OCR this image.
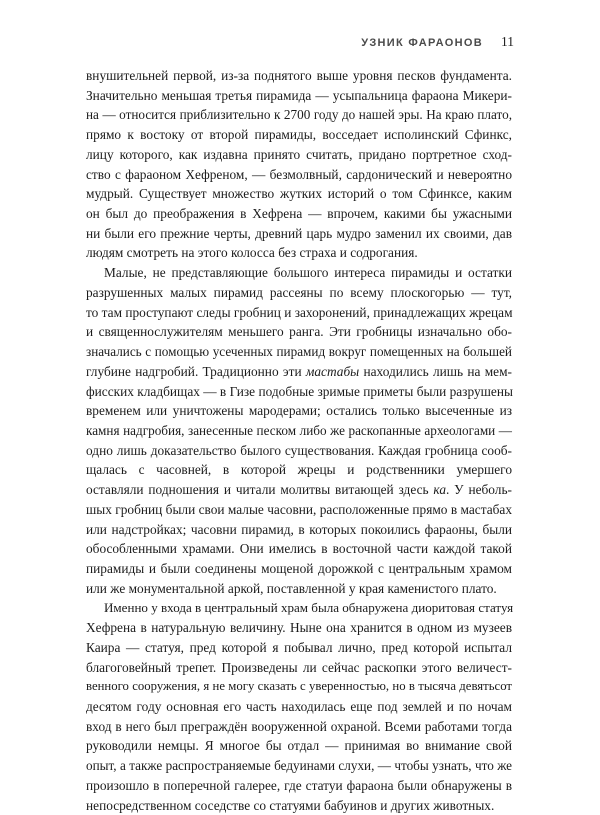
УЗНИК ФАРАОНОВ 11

внушительней первой, из-за поднятого выше уровня песков фундамента.
Значительно меньшая третья пирамида — усыпальница фараона Микери-
на — относится приблизительно к 2700 году до нашей эры. На краю плато,
прямо к востоку от второй пирамиды, восседает исполинский Сфинкс,
лицу которого, как издавна принято считать, придано портретное сход-
ство с фараоном Хефреном, — безмолвный, сардонический и невероятно
мудрый. Существует множество жутких историй о том Сфинксе, каким
он был до преображения в Хефрена — впрочем, какими бы ужасными
ни были его прежние черты, древний царь мудро заменил их своими, дав
людям смотреть на этого колосса без страха и содрогания.

Малые, не представляющие большого интереса пирамиды и остатки
разрушенных малых пирамид рассеяны по всему плоскогорью — тут,
то там проступают следы гробниц и захоронений, принадлежащих жрецам
и священнослужителям меньшего ранга. Эти гробницы изначально обо-
значались с помощью усеченных пирамид вокруг помещенных на большей
глубине надгробий. Традиционно эти мастабы находились лишь на мем-
фисских кладбищах — в Гизе подобные зримые приметы были разрушены
временем или уничтожены мародерами; остались только высеченные из
камня надгробия, занесенные песком либо же раскопанные археологами —
одно лишь доказательство былого существования. Каждая гробница сооб-
щалась с часовней, в которой жрецы и родственники умершего
оставляли подношения и читали молитвы витающей здесь ка. У неболь-
шых гробниц были свои малые часовни, расположенные прямо в мастабах
или надстройках; часовни пирамид, в которых покоились фараоны, были
обособленными храмами. Они имелись в восточной части каждой такой
пирамиды и были соединены мощеной дорожкой с центральным храмом
или же монументальной аркой, поставленной у края каменистого плато.

Именно у входа в центральный храм была обнаружена диоритовая статуя
Хефрена в натуральную величину. Ныне она хранится в одном из музеев
Каира — статуя, пред которой я побывал лично, пред которой испытал
благоговейный трепет. Произведены ли сейчас раскопки этого величест-
венного сооружения, я не могу сказать с уверенностью, но в тысяча девятьсот
десятом году основная его часть находилась еще под землей и по ночам
вход в него был преграждён вооруженной охраной. Всеми работами тогда
руководили немцы. Я многое бы отдал — принимая во внимание свой
опыт, а также распространяемые бедуинами слухи, — чтобы узнать, что же
произошло в поперечной галерее, где статуи фараона были обнаружены в
непосредственном соседстве со статуями бабуинов и других животных.
